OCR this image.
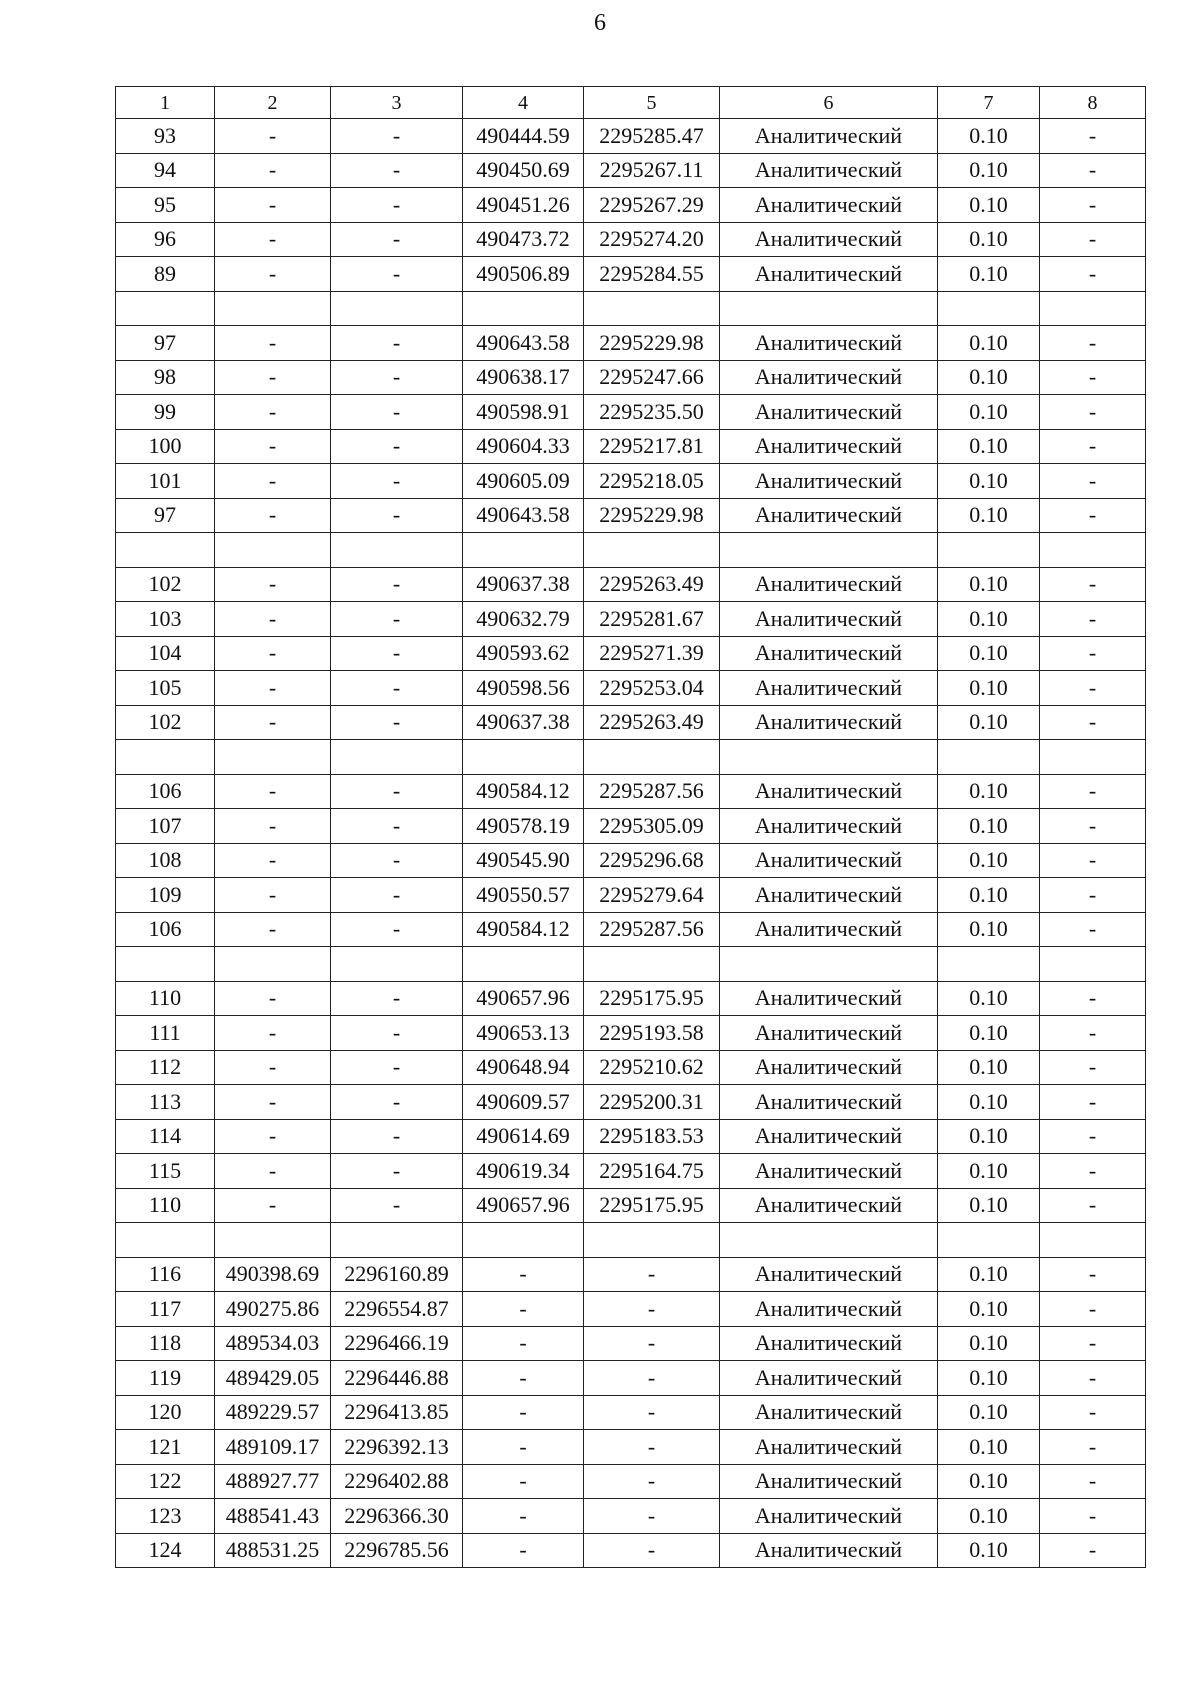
6
1	2	3	4	5	6	7	8
93	-	-	490444.59	2295285.47	Аналитический	0.10	-
94	-	-	490450.69	2295267.11	Аналитический	0.10	-
95	-	-	490451.26	2295267.29	Аналитический	0.10	-
96	-	-	490473.72	2295274.20	Аналитический	0.10	-
89	-	-	490506.89	2295284.55	Аналитический	0.10	-

97	-	-	490643.58	2295229.98	Аналитический	0.10	-
98	-	-	490638.17	2295247.66	Аналитический	0.10	-
99	-	-	490598.91	2295235.50	Аналитический	0.10	-
100	-	-	490604.33	2295217.81	Аналитический	0.10	-
101	-	-	490605.09	2295218.05	Аналитический	0.10	-
97	-	-	490643.58	2295229.98	Аналитический	0.10	-

102	-	-	490637.38	2295263.49	Аналитический	0.10	-
103	-	-	490632.79	2295281.67	Аналитический	0.10	-
104	-	-	490593.62	2295271.39	Аналитический	0.10	-
105	-	-	490598.56	2295253.04	Аналитический	0.10	-
102	-	-	490637.38	2295263.49	Аналитический	0.10	-

106	-	-	490584.12	2295287.56	Аналитический	0.10	-
107	-	-	490578.19	2295305.09	Аналитический	0.10	-
108	-	-	490545.90	2295296.68	Аналитический	0.10	-
109	-	-	490550.57	2295279.64	Аналитический	0.10	-
106	-	-	490584.12	2295287.56	Аналитический	0.10	-

110	-	-	490657.96	2295175.95	Аналитический	0.10	-
111	-	-	490653.13	2295193.58	Аналитический	0.10	-
112	-	-	490648.94	2295210.62	Аналитический	0.10	-
113	-	-	490609.57	2295200.31	Аналитический	0.10	-
114	-	-	490614.69	2295183.53	Аналитический	0.10	-
115	-	-	490619.34	2295164.75	Аналитический	0.10	-
110	-	-	490657.96	2295175.95	Аналитический	0.10	-

116	490398.69	2296160.89	-	-	Аналитический	0.10	-
117	490275.86	2296554.87	-	-	Аналитический	0.10	-
118	489534.03	2296466.19	-	-	Аналитический	0.10	-
119	489429.05	2296446.88	-	-	Аналитический	0.10	-
120	489229.57	2296413.85	-	-	Аналитический	0.10	-
121	489109.17	2296392.13	-	-	Аналитический	0.10	-
122	488927.77	2296402.88	-	-	Аналитический	0.10	-
123	488541.43	2296366.30	-	-	Аналитический	0.10	-
124	488531.25	2296785.56	-	-	Аналитический	0.10	-
